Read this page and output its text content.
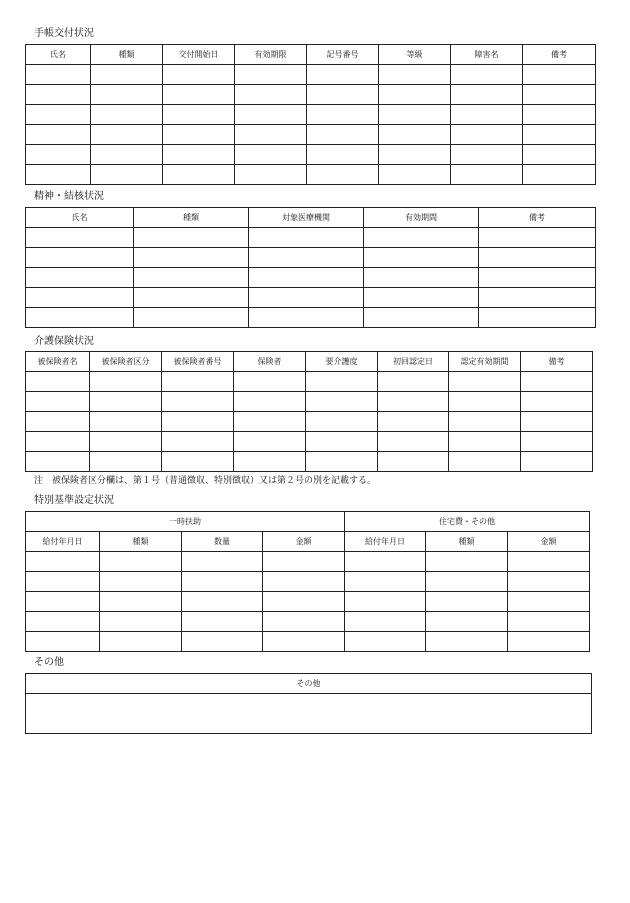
手帳交付状況
氏名	種類	交付開始日	有効期限	記号番号	等級	障害名	備考

精神・結核状況
氏名	種類	対象医療機関	有効期間	備考

介護保険状況
被保険者名	被保険者区分	被保険者番号	保険者	要介護度	初回認定日	認定有効期間	備考

注　被保険者区分欄は、第１号（普通徴収、特別徴収）又は第２号の別を記載する。
特別基準設定状況
一時扶助				住宅費・その他		
給付年月日	種類	数量	金額	給付年月日	種類	金額

その他
その他
